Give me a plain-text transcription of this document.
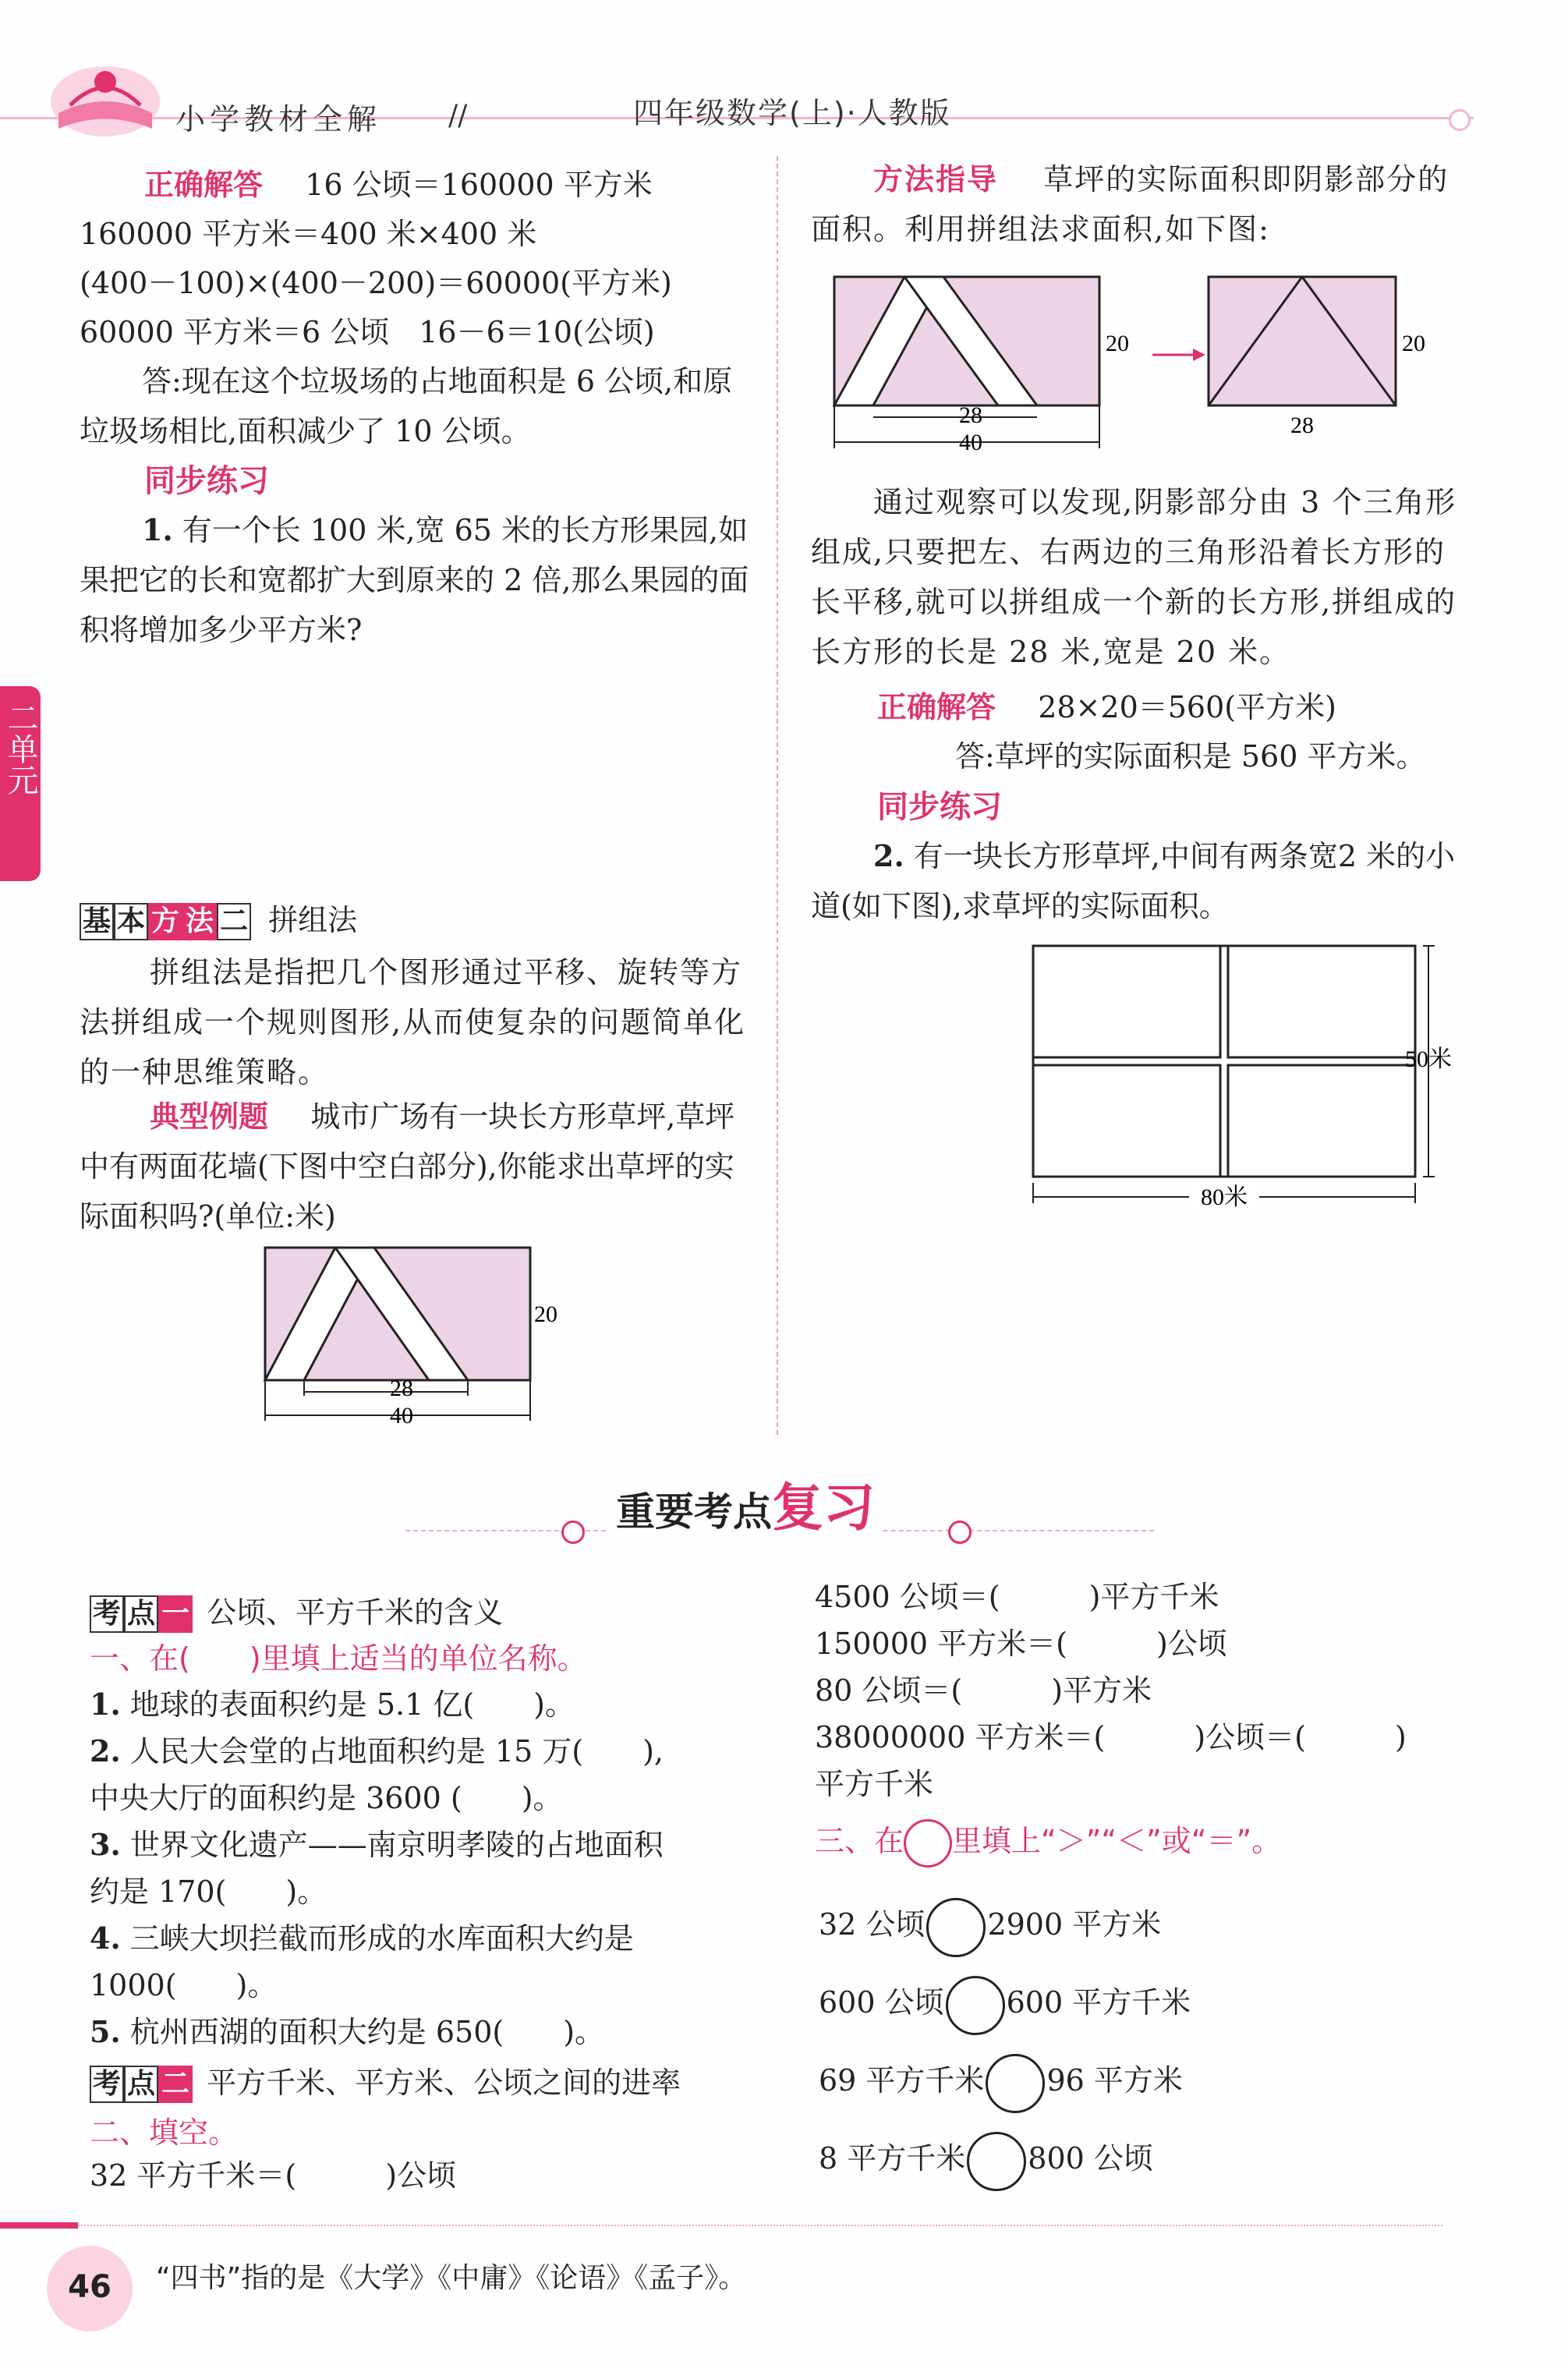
小学教材全解 //	四年级数学(上)·人教版
二单元
正确解答 16 公顷＝160000 平方米
160000 平方米＝400 米×400 米
(400－100)×(400－200)＝60000(平方米)
60000 平方米＝6 公顷　16－6＝10(公顷)
答:现在这个垃圾场的占地面积是 6 公顷,和原垃圾场相比,面积减少了 10 公顷。
同步练习
1. 有一个长 100 米,宽 65 米的长方形果园,如果把它的长和宽都扩大到原来的 2 倍,那么果园的面积将增加多少平方米?
基 本 方 法 二 拼组法
拼组法是指把几个图形通过平移、旋转等方法拼组成一个规则图形,从而使复杂的问题简单化的一种思维策略。
典型例题 城市广场有一块长方形草坪,草坪中有两面花墙(下图中空白部分),你能求出草坪的实际面积吗?(单位:米)
20
28
40
方法指导 草坪的实际面积即阴影部分的面积。利用拼组法求面积,如下图:
20
28
40
20
28
通过观察可以发现,阴影部分由 3 个三角形组成,只要把左、右两边的三角形沿着长方形的长平移,就可以拼组成一个新的长方形,拼组成的长方形的长是 28 米,宽是 20 米。
正确解答 28×20＝560(平方米)
答:草坪的实际面积是 560 平方米。
同步练习
2. 有一块长方形草坪,中间有两条宽2 米的小道(如下图),求草坪的实际面积。
50米
80米
重要考点复习
考 点 一 公顷、平方千米的含义
一、在(　　)里填上适当的单位名称。
1. 地球的表面积约是 5.1 亿(　　)。
2. 人民大会堂的占地面积约是 15 万(　　),
中央大厅的面积约是 3600 (　　)。
3. 世界文化遗产——南京明孝陵的占地面积
约是 170(　　)。
4. 三峡大坝拦截而形成的水库面积大约是
1000(　　)。
5. 杭州西湖的面积大约是 650(　　)。
考 点 二 平方千米、平方米、公顷之间的进率
二、填空。
32 平方千米＝(　　　)公顷
4500 公顷＝(　　　)平方千米
150000 平方米＝(　　　)公顷
80 公顷＝(　　　)平方米
38000000 平方米＝(　　　)公顷＝(　　　)
平方千米
三、在 里填上“＞”“＜”或“＝”。
32 公顷 2900 平方米
600 公顷 600 平方千米
69 平方千米 96 平方米
8 平方千米 800 公顷
46	“四书”指的是《大学》《中庸》《论语》《孟子》。
